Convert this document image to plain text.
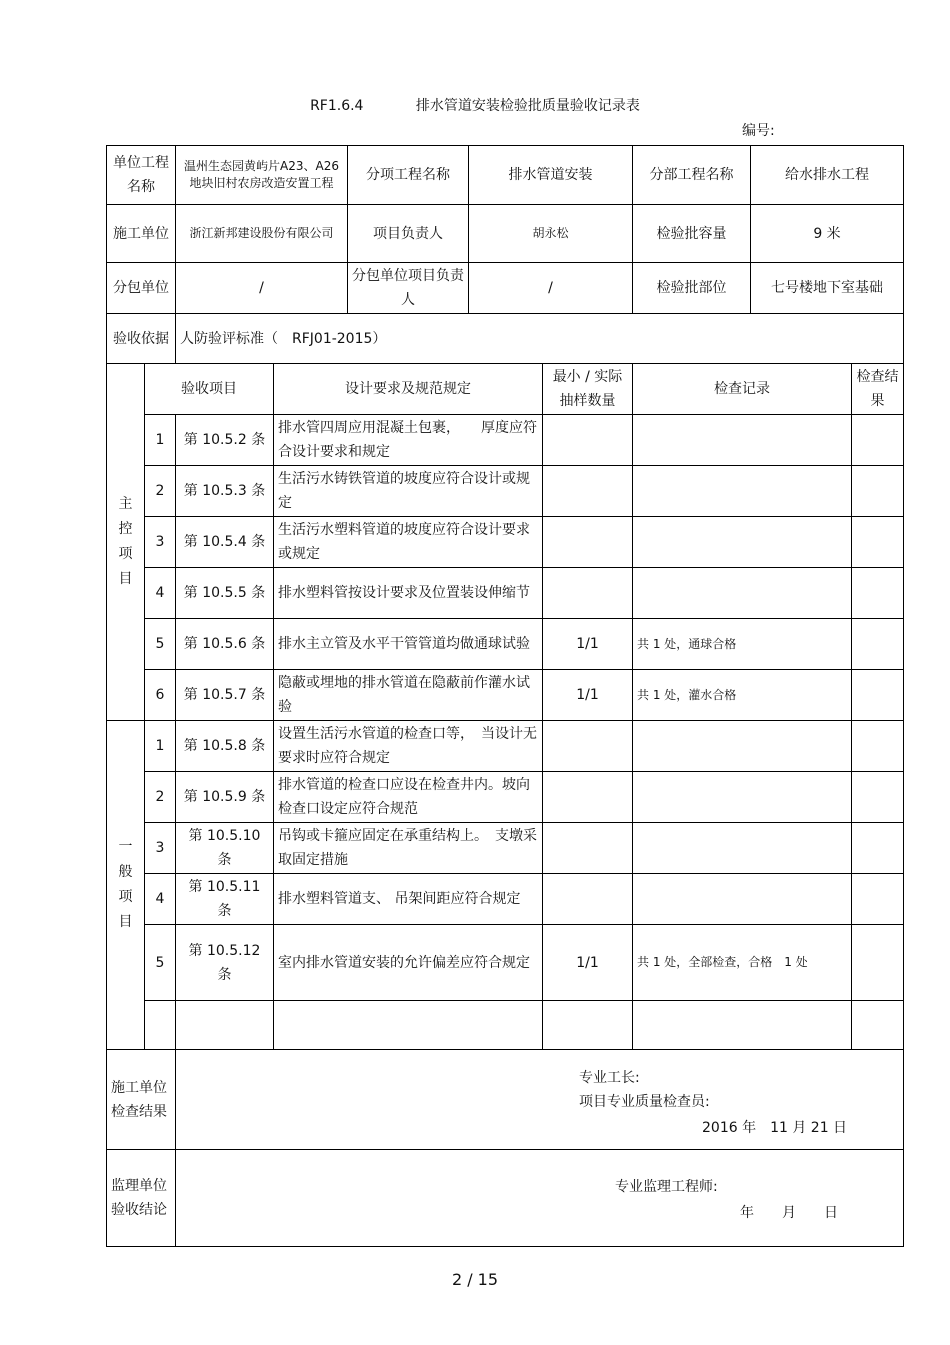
RF1.6.4	排水管道安装检验批质量验收记录表
编号:
单位工程名称		温州生态园黄屿片A23、A26地块旧村农房改造安置工程		分项工程名称	排水管道安装		分部工程名称	给水排水工程	
施工单位		浙江新邦建设股份有限公司		项目负责人	胡永松		检验批容量	9 米	
分包单位		/		分包单位项目负责人	/		检验批部位	七号楼地下室基础	
验收依据		人防验评标准（　RFJ01-2015）							
主
控
项
目	验收项目		设计要求及规范规定			最小 / 实际抽样数量	检查记录		检查结果
	1	第 10.5.2 条	排水管四周应用混凝土包裹，　　厚度应符合设计要求和规定						
	2	第 10.5.3 条	生活污水铸铁管道的坡度应符合设计或规定						
	3	第 10.5.4 条	生活污水塑料管道的坡度应符合设计要求或规定						
	4	第 10.5.5 条	排水塑料管按设计要求及位置装设伸缩节						
	5	第 10.5.6 条	排水主立管及水平干管管道均做通球试验			1/1	共 1 处，通球合格		
	6	第 10.5.7 条	隐蔽或埋地的排水管道在隐蔽前作灌水试验			1/1	共 1 处，灌水合格		
一
般
项
目	1	第 10.5.8 条	设置生活污水管道的检查口等，　当设计无要求时应符合规定						
	2	第 10.5.9 条	排水管道的检查口应设在检查井内。坡向检查口设定应符合规范						
	3	第 10.5.10 条	吊钩或卡箍应固定在承重结构上。　支墩采取固定措施						
	4	第 10.5.11 条	排水塑料管道支、 吊架间距应符合规定						
	5	第 10.5.12 条	室内排水管道安装的允许偏差应符合规定			1/1	共 1 处，全部检查，合格　1 处		

施工单位检查结果		专业工长:
项目专业质量检查员:
2016 年　11 月 21 日							

监理单位验收结论		专业监理工程师:
年　　月　　日							
2 / 15
